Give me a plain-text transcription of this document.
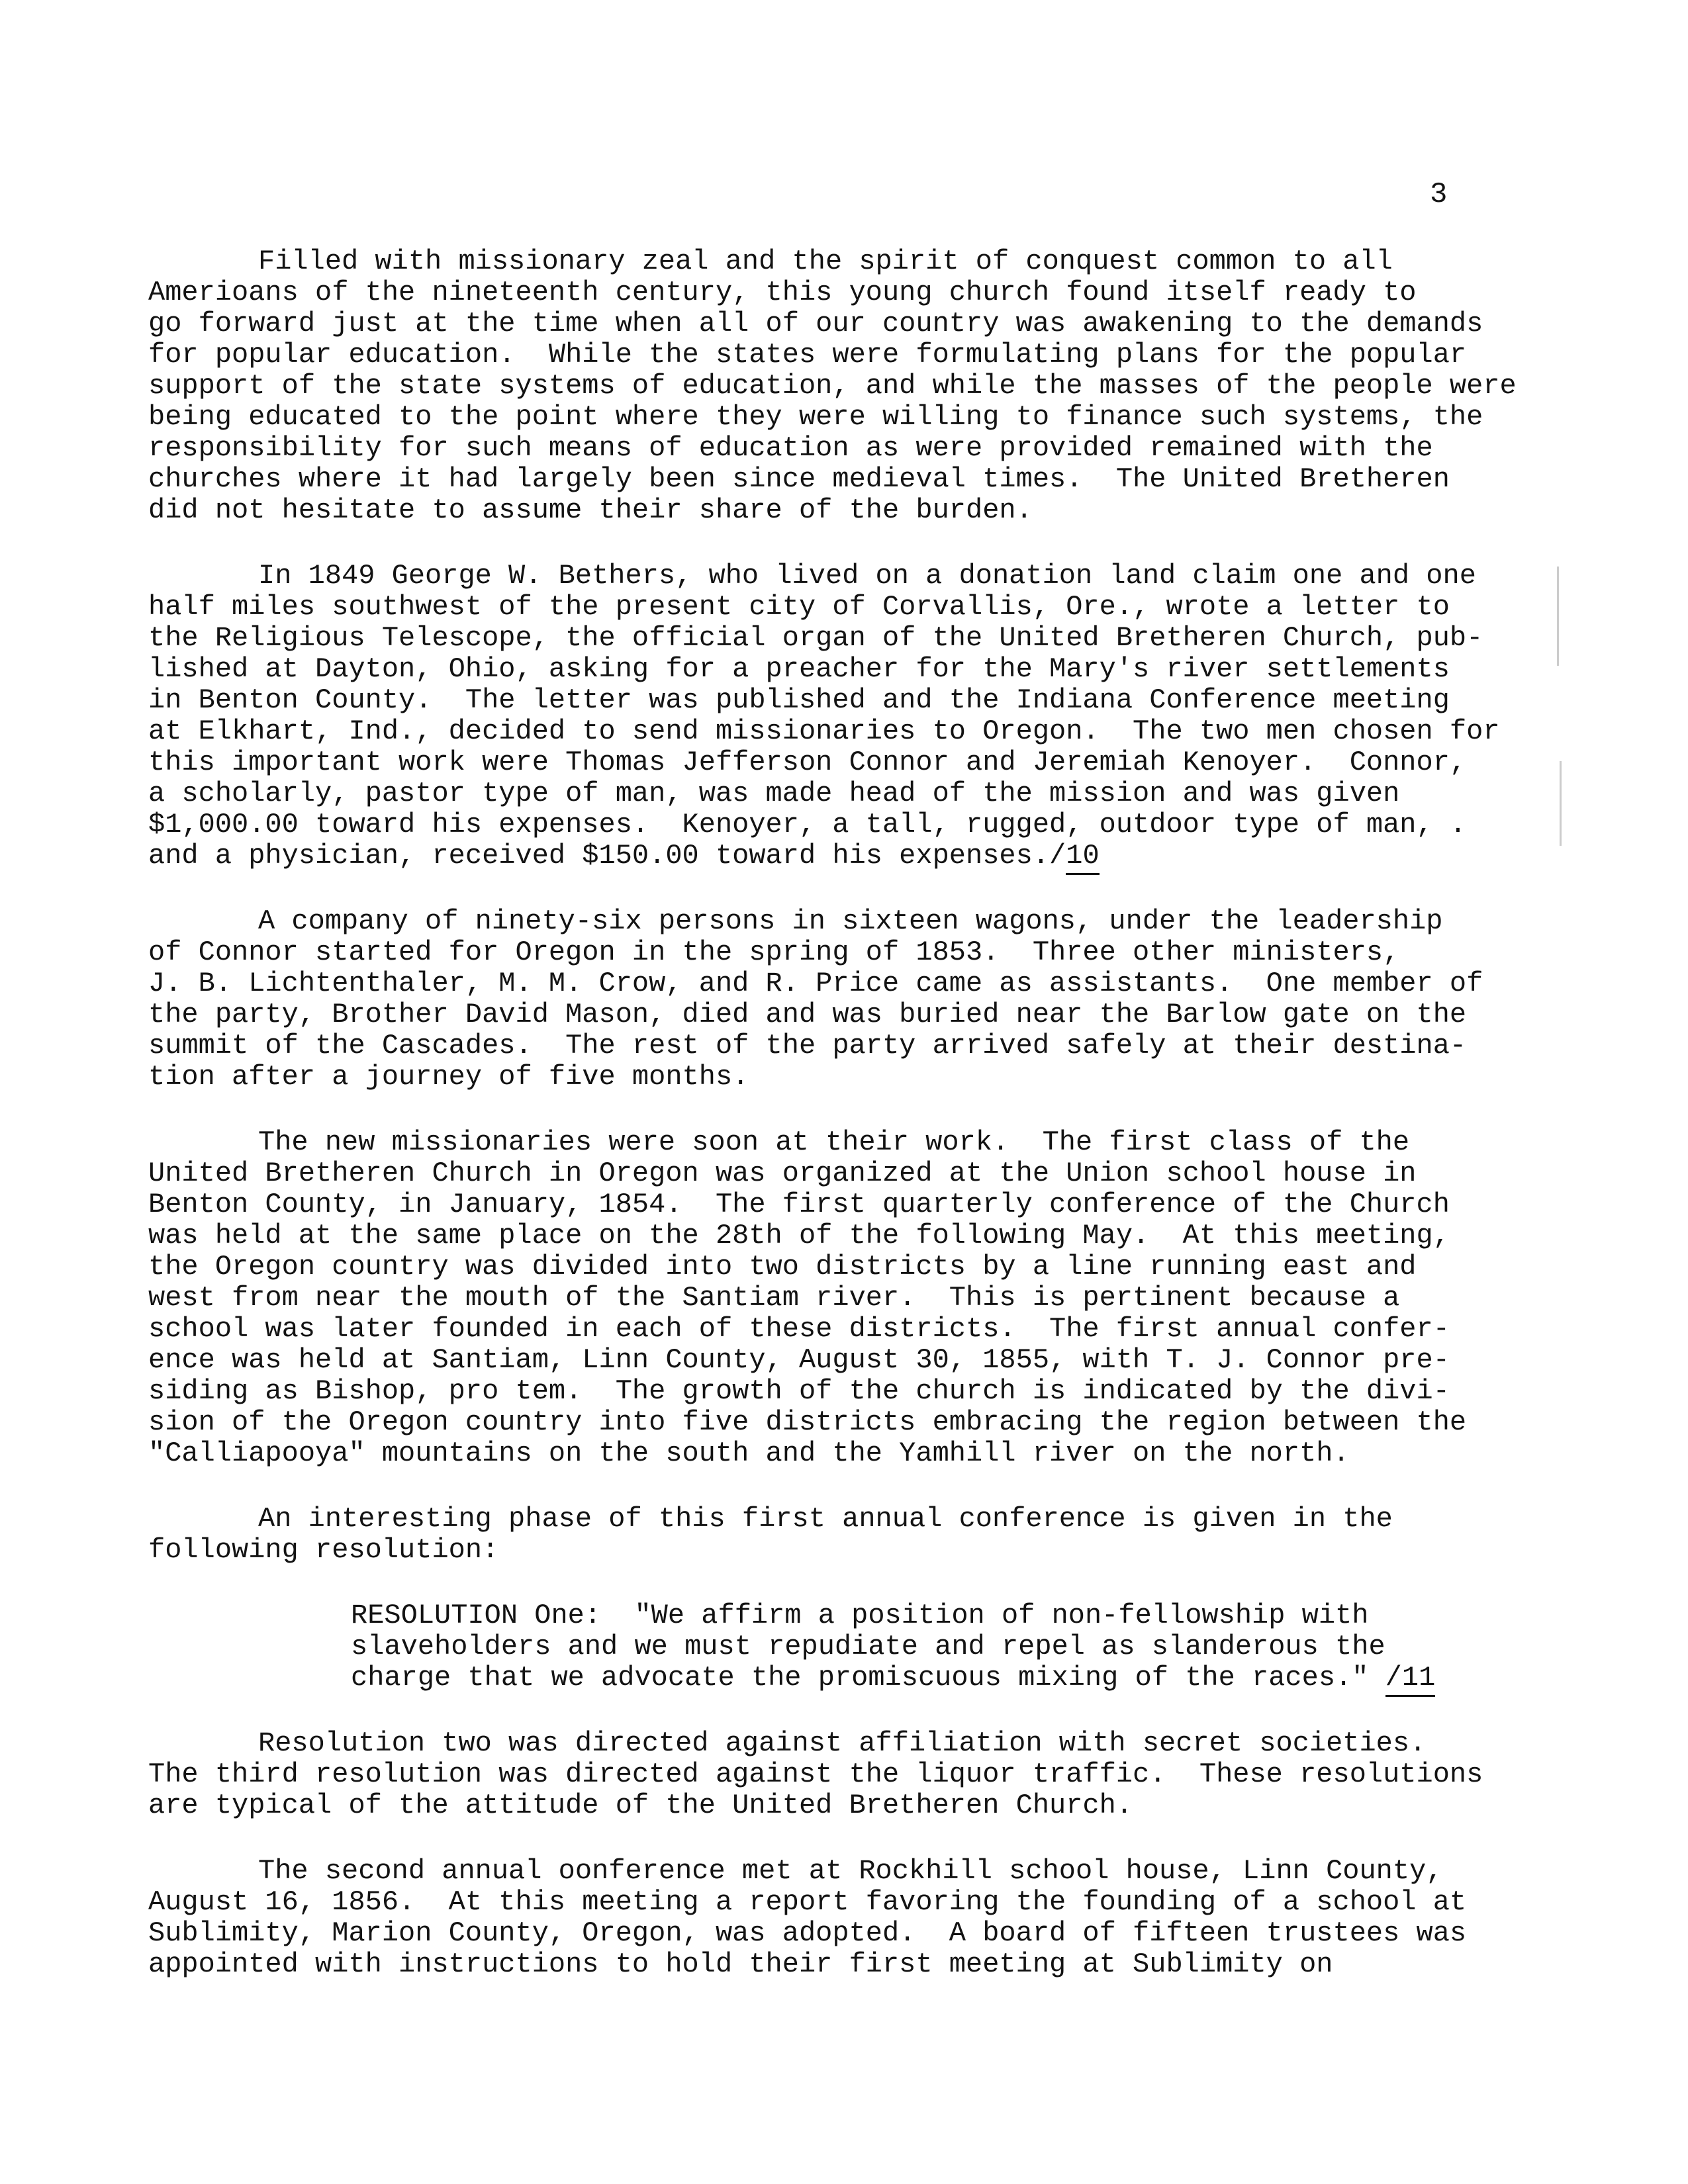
3
Filled with missionary zeal and the spirit of conquest common to all
Amerioans of the nineteenth century, this young church found itself ready to
go forward just at the time when all of our country was awakening to the demands
for popular education.  While the states were formulating plans for the popular
support of the state systems of education, and while the masses of the people were
being educated to the point where they were willing to finance such systems, the
responsibility for such means of education as were provided remained with the
churches where it had largely been since medieval times.  The United Bretheren
did not hesitate to assume their share of the burden.
In 1849 George W. Bethers, who lived on a donation land claim one and one
half miles southwest of the present city of Corvallis, Ore., wrote a letter to
the Religious Telescope, the official organ of the United Bretheren Church, pub-
lished at Dayton, Ohio, asking for a preacher for the Mary's river settlements
in Benton County.  The letter was published and the Indiana Conference meeting
at Elkhart, Ind., decided to send missionaries to Oregon.  The two men chosen for
this important work were Thomas Jefferson Connor and Jeremiah Kenoyer.  Connor,
a scholarly, pastor type of man, was made head of the mission and was given
$1,000.00 toward his expenses.  Kenoyer, a tall, rugged, outdoor type of man, .
and a physician, received $150.00 toward his expenses./10
A company of ninety-six persons in sixteen wagons, under the leadership
of Connor started for Oregon in the spring of 1853.  Three other ministers,
J. B. Lichtenthaler, M. M. Crow, and R. Price came as assistants.  One member of
the party, Brother David Mason, died and was buried near the Barlow gate on the
summit of the Cascades.  The rest of the party arrived safely at their destina-
tion after a journey of five months.
The new missionaries were soon at their work.  The first class of the
United Bretheren Church in Oregon was organized at the Union school house in
Benton County, in January, 1854.  The first quarterly conference of the Church
was held at the same place on the 28th of the following May.  At this meeting,
the Oregon country was divided into two districts by a line running east and
west from near the mouth of the Santiam river.  This is pertinent because a
school was later founded in each of these districts.  The first annual confer-
ence was held at Santiam, Linn County, August 30, 1855, with T. J. Connor pre-
siding as Bishop, pro tem.  The growth of the church is indicated by the divi-
sion of the Oregon country into five districts embracing the region between the
"Calliapooya" mountains on the south and the Yamhill river on the north.
An interesting phase of this first annual conference is given in the
following resolution:
RESOLUTION One:  "We affirm a position of non-fellowship with
slaveholders and we must repudiate and repel as slanderous the
charge that we advocate the promiscuous mixing of the races." /11
Resolution two was directed against affiliation with secret societies.
The third resolution was directed against the liquor traffic.  These resolutions
are typical of the attitude of the United Bretheren Church.
The second annual oonference met at Rockhill school house, Linn County,
August 16, 1856.  At this meeting a report favoring the founding of a school at
Sublimity, Marion County, Oregon, was adopted.  A board of fifteen trustees was
appointed with instructions to hold their first meeting at Sublimity on
